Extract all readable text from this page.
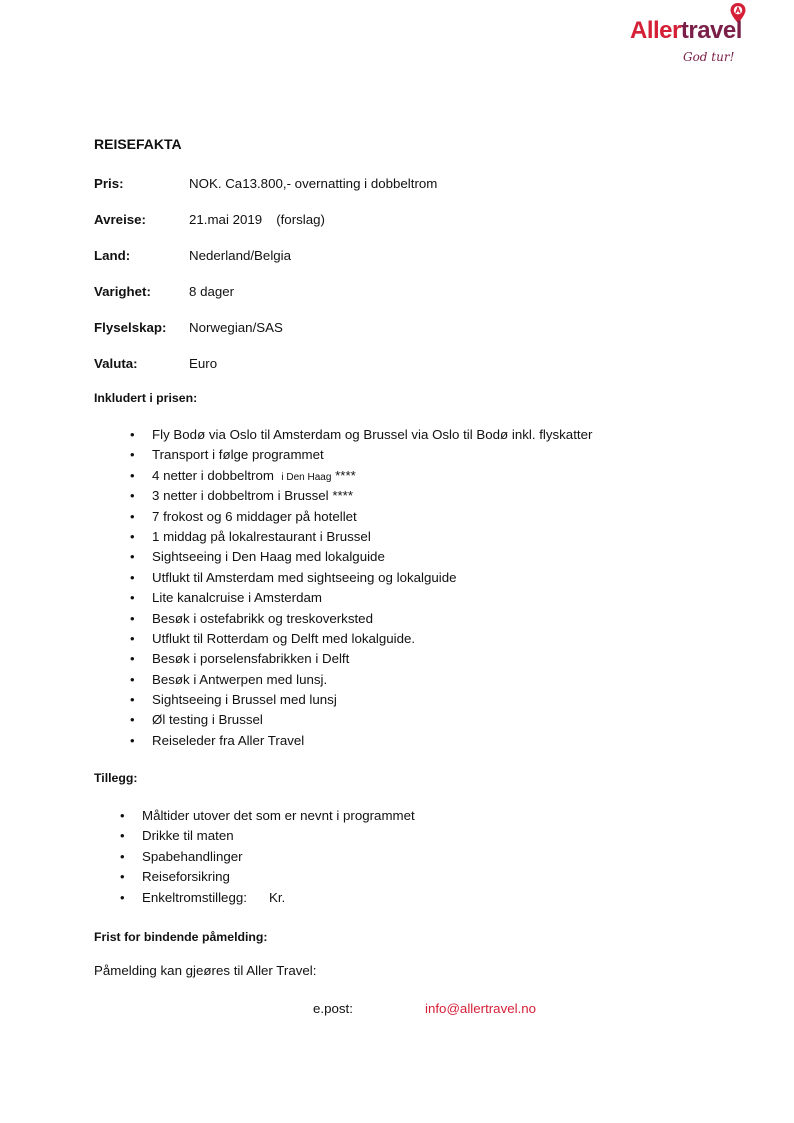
Allertravel
God tur!
REISEFAKTA
Pris:	NOK. Ca13.800,- overnatting i dobbeltrom
Avreise:	21.mai 2019 (forslag)
Land:	Nederland/Belgia
Varighet:	8 dager
Flyselskap: Norwegian/SAS
Valuta:	Euro
Inkludert i prisen:
• Fly Bodø via Oslo til Amsterdam og Brussel via Oslo til Bodø inkl. flyskatter
• Transport i følge programmet
• 4 netter i dobbeltrom i Den Haag ****
• 3 netter i dobbeltrom i Brussel ****
• 7 frokost og 6 middager på hotellet
• 1 middag på lokalrestaurant i Brussel
• Sightseeing i Den Haag med lokalguide
• Utflukt til Amsterdam med sightseeing og lokalguide
• Lite kanalcruise i Amsterdam
• Besøk i ostefabrikk og treskoverksted
• Utflukt til Rotterdam og Delft med lokalguide.
• Besøk i porselensfabrikken i Delft
• Besøk i Antwerpen med lunsj.
• Sightseeing i Brussel med lunsj
• Øl testing i Brussel
• Reiseleder fra Aller Travel
Tillegg:
• Måltider utover det som er nevnt i programmet
• Drikke til maten
• Spabehandlinger
• Reiseforsikring
• Enkeltromstillegg: Kr.
Frist for bindende påmelding:
Påmelding kan gjeøres til Aller Travel:
e.post:	info@allertravel.no
